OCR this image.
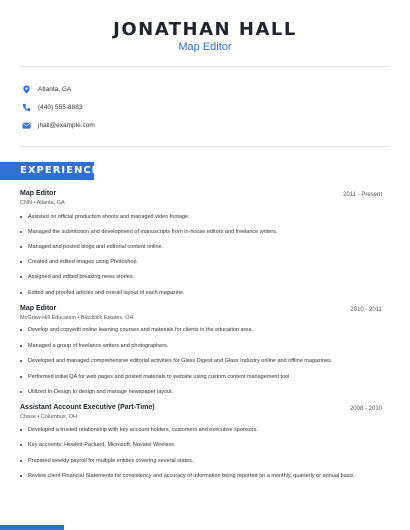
JONATHAN HALL
Map Editor
Atlanta, GA
(440) 555-8883
jhall@example.com
EXPERIENCE
Map Editor	2011 - Present
CNN • Atlanta, GA
Assisted on official production shoots and managed video footage.
Managed the submission and development of manuscripts from in-house editors and freelance writers.
Managed and posted blogs and editorial content online.
Created and edited images using Photoshop.
Assigned and edited breaking news stories.
Edited and proofed articles and overall layout of each magazine.
Map Editor	2010 - 2011
McGraw-Hill Education • Blacklick Estates, OH
Develop and copyedit online learning courses and materials for clients in the education area.
Managed a group of freelance writers and photographers.
Developed and managed comprehensive editorial activities for Glass Digest and Glass Industry online and offline magazines.
Performed initial QA for web pages and posted materials to website using custom content management tool.
Utilized In-Design to design and manage newspaper layout.
Assistant Account Executive (Part-Time)	2008 - 2010
Chase • Columbus, OH
Developed a trusted relationship with key account holders, customers and executive sponsors.
Key accounts: Hewlett-Packard, Microsoft, Novatel Wireless
Prepared weekly payroll for multiple entities covering several states.
Review client Financial Statements for consistency and accuracy of information being reported on a monthly, quarterly or annual basis.
